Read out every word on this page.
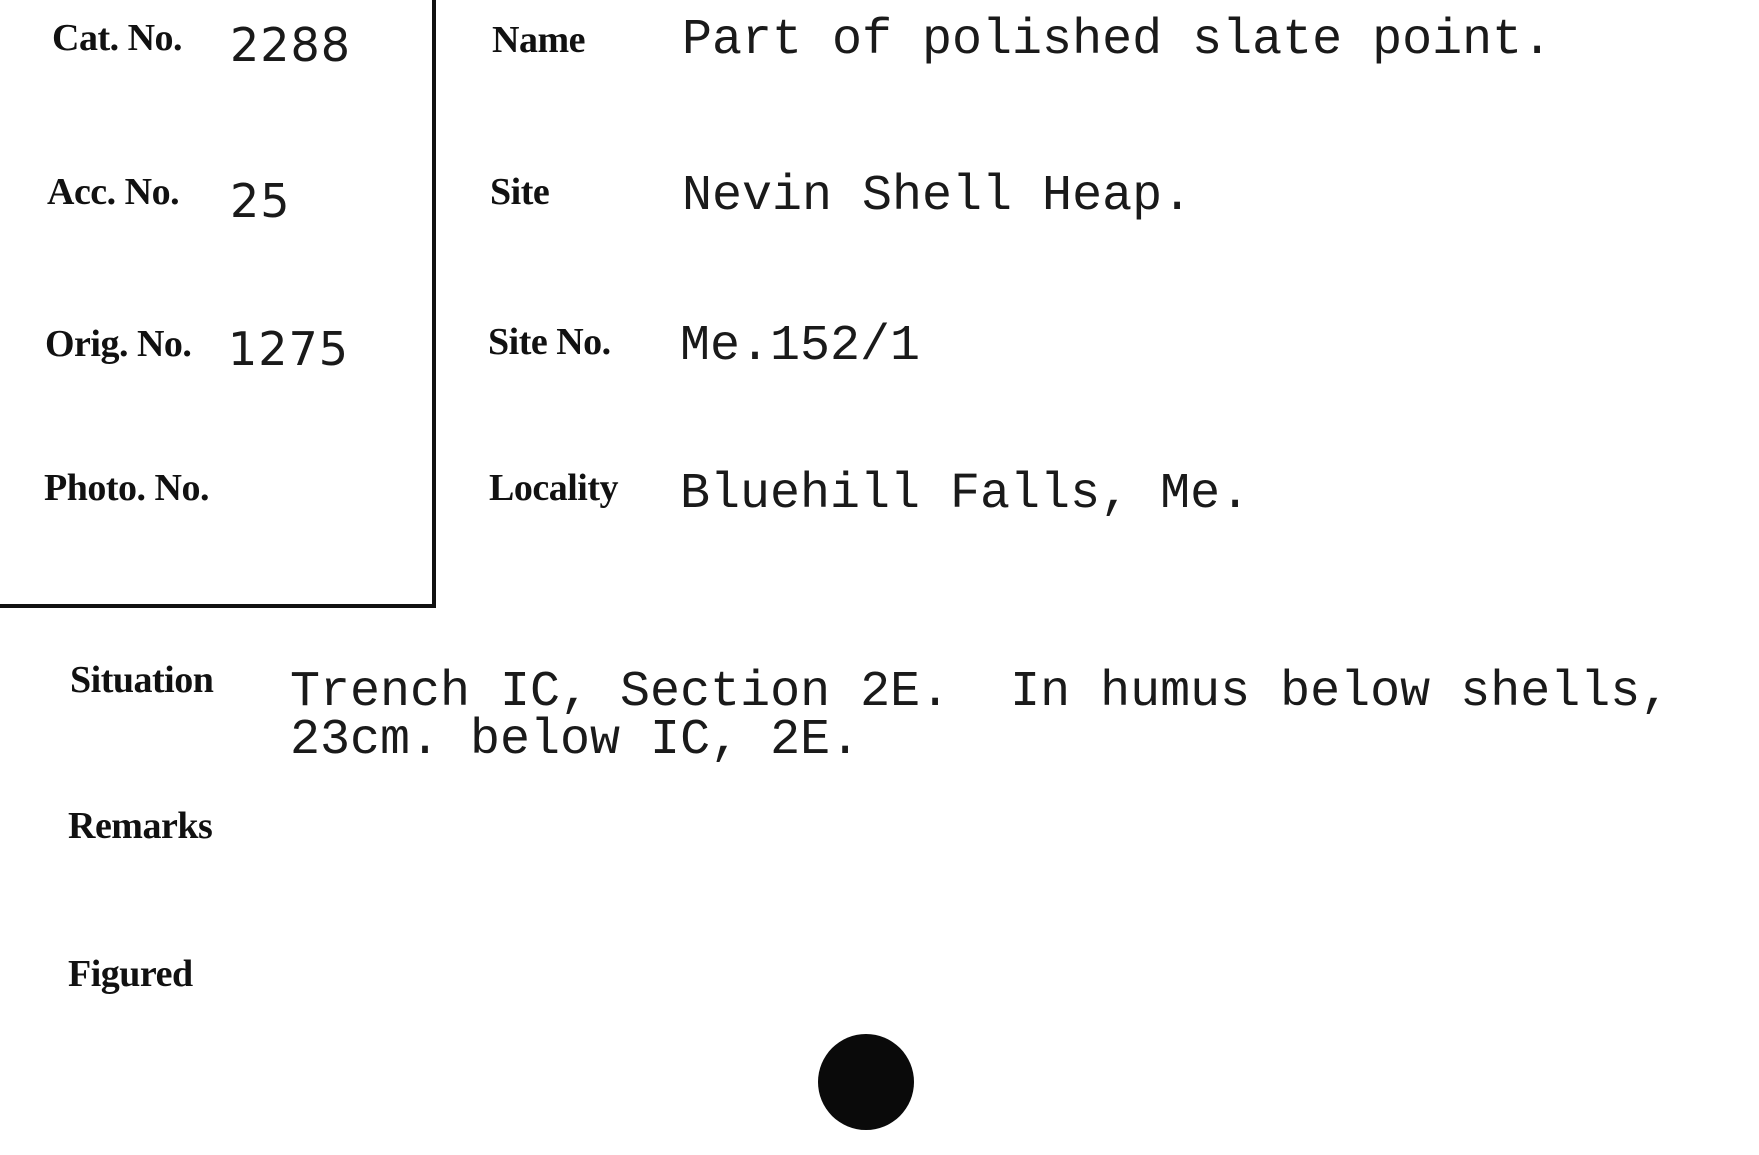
Cat. No. 2288
Acc. No. 25
Orig. No. 1275
Photo. No.
Name Part of polished slate point.
Site	Nevin Shell Heap.
Site No. Me.152/1
Locality Bluehill Falls, Me.
Situation Trench IC, Section 2E.  In humus below shells,
23cm. below IC, 2E.
Remarks
Figured
